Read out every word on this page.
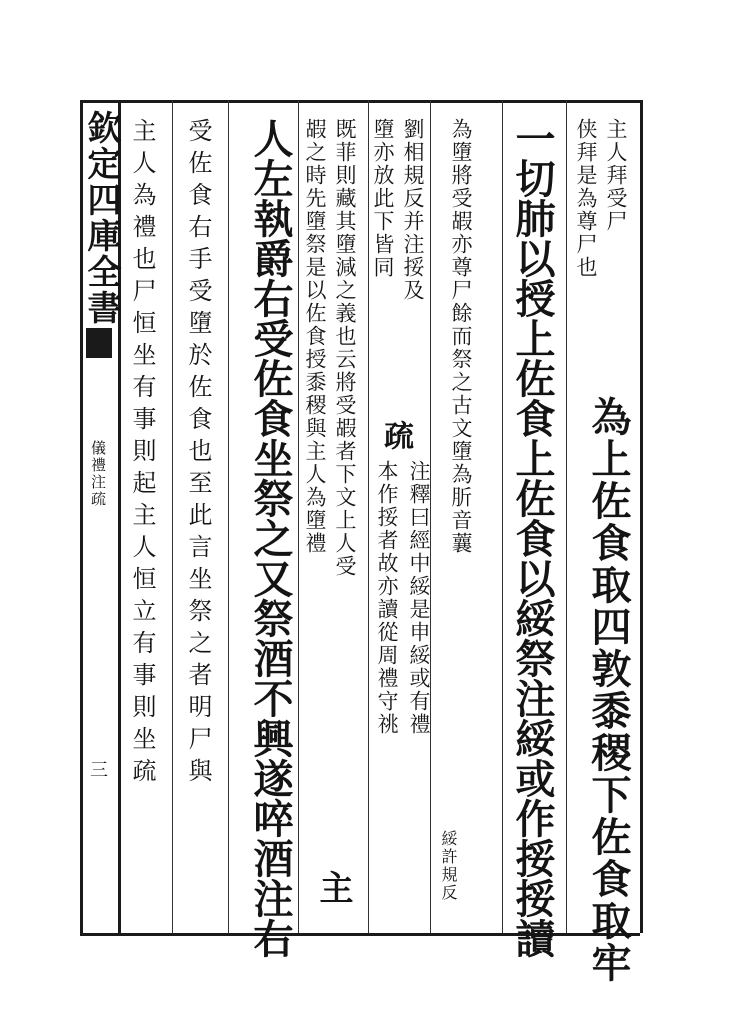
欽定四庫全書
儀禮注疏
三
主人拜受尸
侠拜是為尊尸也
為上佐食取四敦黍稷下佐食取牢
一切肺以授上佐食上佐食以綏祭注綏或作挼挼讀
為墮將受嘏亦尊尸餘而祭之古文墮為肵音蘘
綏許規反
劉相規反并注挼及
疏
注釋曰經中綏是申綏或有禮
墮亦放此下皆同
本作挼者故亦讀從周禮守祧
既菲則藏其墮減之義也云將受嘏者下文上人受
嘏之時先墮祭是以佐食授黍稷與主人為墮禮
主
人左執爵右受佐食坐祭之又祭酒不興遂啐酒注右
受佐食右手受墮於佐食也至此言坐祭之者明尸與
主人為禮也尸恒坐有事則起主人恒立有事則坐疏
